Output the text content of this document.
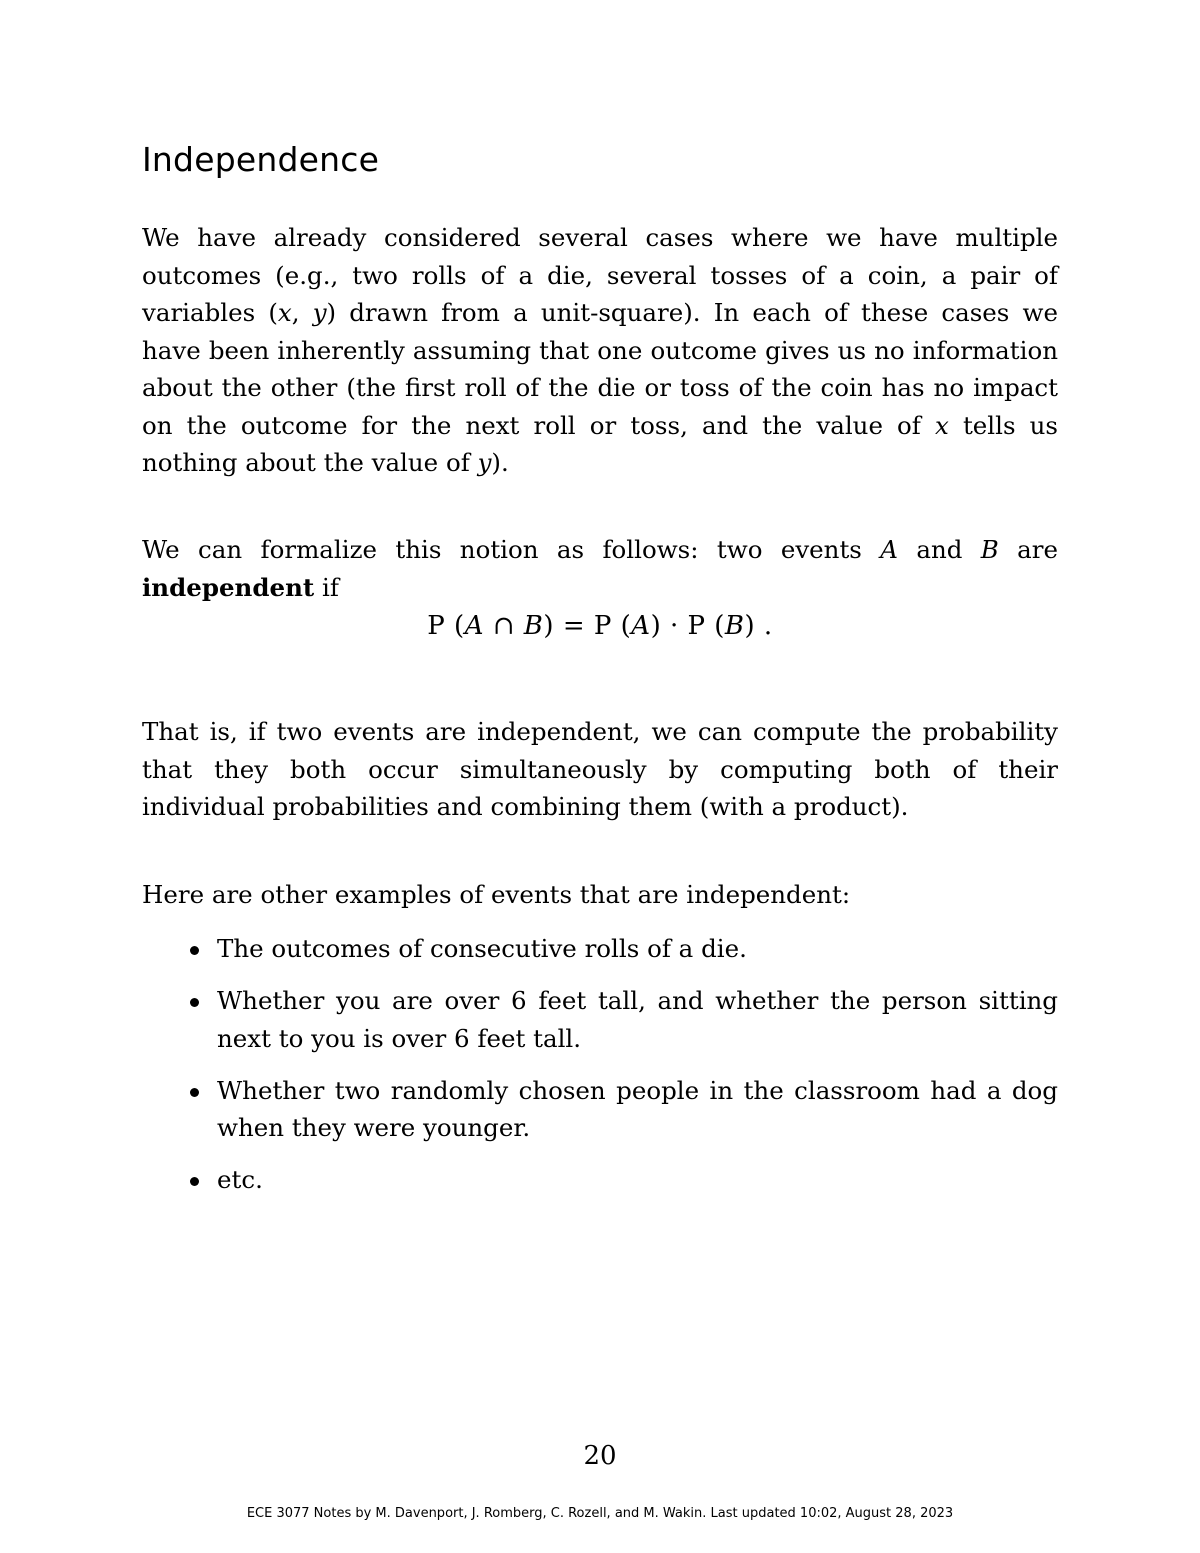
Independence

We have already considered several cases where we have multiple outcomes (e.g., two rolls of a die, several tosses of a coin, a pair of variables (x, y) drawn from a unit-square). In each of these cases we have been inherently assuming that one outcome gives us no information about the other (the first roll of the die or toss of the coin has no impact on the outcome for the next roll or toss, and the value of x tells us nothing about the value of y).

We can formalize this notion as follows: two events A and B are independent if

P (A ∩ B) = P (A) · P (B) .

That is, if two events are independent, we can compute the probability that they both occur simultaneously by computing both of their individual probabilities and combining them (with a product).

Here are other examples of events that are independent:

The outcomes of consecutive rolls of a die.
Whether you are over 6 feet tall, and whether the person sitting next to you is over 6 feet tall.
Whether two randomly chosen people in the classroom had a dog when they were younger.
etc.
20
ECE 3077 Notes by M. Davenport, J. Romberg, C. Rozell, and M. Wakin. Last updated 10:02, August 28, 2023
